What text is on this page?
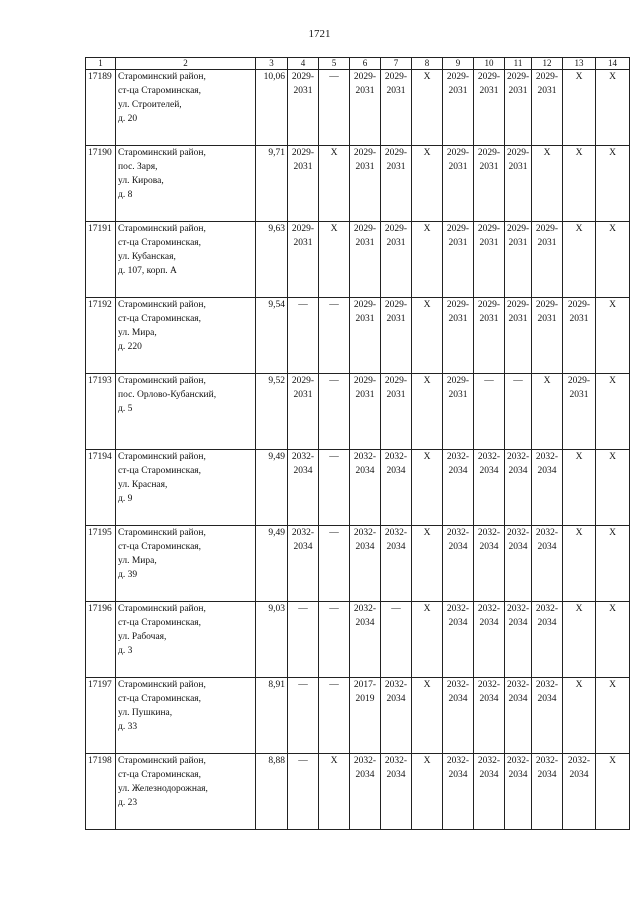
1721
1	2	3	4	5	6	7	8	9	10	11	12	13	14
17189	Староминский район,
ст-ца Староминская,
ул. Строителей,
д. 20	10,06	2029-
2031	—	2029-
2031	2029-
2031	Х	2029-
2031	2029-
2031	2029-
2031	2029-
2031	Х	Х
17190	Староминский район,
пос. Заря,
ул. Кирова,
д. 8	9,71	2029-
2031	Х	2029-
2031	2029-
2031	Х	2029-
2031	2029-
2031	2029-
2031	Х	Х	Х
17191	Староминский район,
ст-ца Староминская,
ул. Кубанская,
д. 107, корп. А	9,63	2029-
2031	Х	2029-
2031	2029-
2031	Х	2029-
2031	2029-
2031	2029-
2031	2029-
2031	Х	Х
17192	Староминский район,
ст-ца Староминская,
ул. Мира,
д. 220	9,54	—	—	2029-
2031	2029-
2031	Х	2029-
2031	2029-
2031	2029-
2031	2029-
2031	2029-
2031	Х
17193	Староминский район,
пос. Орлово-Кубанский,
д. 5	9,52	2029-
2031	—	2029-
2031	2029-
2031	Х	2029-
2031	—	—	Х	2029-
2031	Х
17194	Староминский район,
ст-ца Староминская,
ул. Красная,
д. 9	9,49	2032-
2034	—	2032-
2034	2032-
2034	Х	2032-
2034	2032-
2034	2032-
2034	2032-
2034	Х	Х
17195	Староминский район,
ст-ца Староминская,
ул. Мира,
д. 39	9,49	2032-
2034	—	2032-
2034	2032-
2034	Х	2032-
2034	2032-
2034	2032-
2034	2032-
2034	Х	Х
17196	Староминский район,
ст-ца Староминская,
ул. Рабочая,
д. 3	9,03	—	—	2032-
2034	—	Х	2032-
2034	2032-
2034	2032-
2034	2032-
2034	Х	Х
17197	Староминский район,
ст-ца Староминская,
ул. Пушкина,
д. 33	8,91	—	—	2017-
2019	2032-
2034	Х	2032-
2034	2032-
2034	2032-
2034	2032-
2034	Х	Х
17198	Староминский район,
ст-ца Староминская,
ул. Железнодорожная,
д. 23	8,88	—	Х	2032-
2034	2032-
2034	Х	2032-
2034	2032-
2034	2032-
2034	2032-
2034	2032-
2034	Х
